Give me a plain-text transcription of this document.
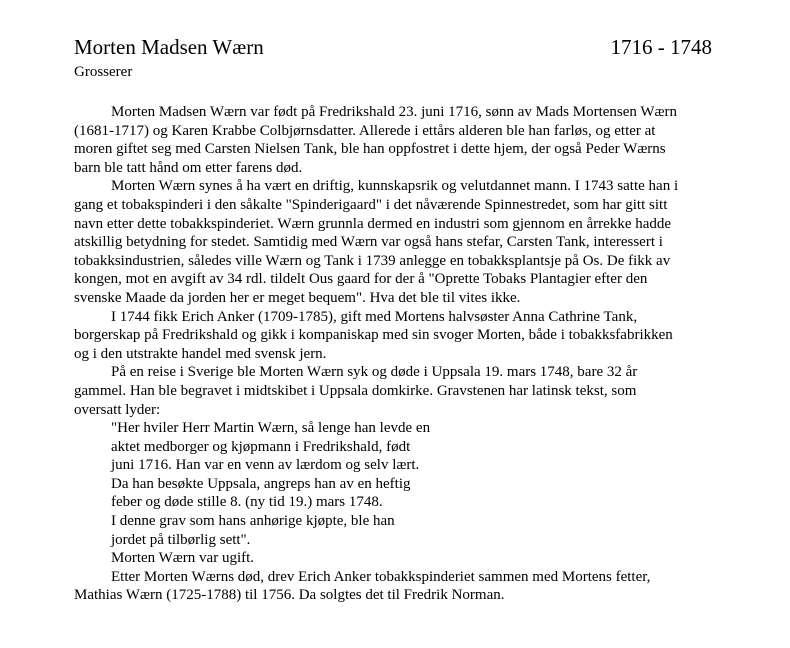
Morten Madsen Wærn	1716 - 1748
Grosserer
Morten Madsen Wærn var født på Fredrikshald 23. juni 1716, sønn av Mads Mortensen Wærn
(1681-1717) og Karen Krabbe Colbjørnsdatter. Allerede i ettårs alderen ble han farløs, og etter at
moren giftet seg med Carsten Nielsen Tank, ble han oppfostret i dette hjem, der også Peder Wærns
barn ble tatt hånd om etter farens død.
Morten Wærn synes å ha vært en driftig, kunnskapsrik og velutdannet mann. I 1743 satte han i
gang et tobakspinderi i den såkalte "Spinderigaard" i det nåværende Spinnestredet, som har gitt sitt
navn etter dette tobakkspinderiet. Wærn grunnla dermed en industri som gjennom en årrekke hadde
atskillig betydning for stedet. Samtidig med Wærn var også hans stefar, Carsten Tank, interessert i
tobakksindustrien, således ville Wærn og Tank i 1739 anlegge en tobakksplantsje på Os. De fikk av
kongen, mot en avgift av 34 rdl. tildelt Ous gaard for der å "Oprette Tobaks Plantagier efter den
svenske Maade da jorden her er meget bequem". Hva det ble til vites ikke.
I 1744 fikk Erich Anker (1709-1785), gift med Mortens halvsøster Anna Cathrine Tank,
borgerskap på Fredrikshald og gikk i kompaniskap med sin svoger Morten, både i tobakksfabrikken
og i den utstrakte handel med svensk jern.
På en reise i Sverige ble Morten Wærn syk og døde i Uppsala 19. mars 1748, bare 32 år
gammel. Han ble begravet i midtskibet i Uppsala domkirke. Gravstenen har latinsk tekst, som
oversatt lyder:
"Her hviler Herr Martin Wærn, så lenge han levde en
aktet medborger og kjøpmann i Fredrikshald, født
juni 1716. Han var en venn av lærdom og selv lært.
Da han besøkte Uppsala, angreps han av en heftig
feber og døde stille 8. (ny tid 19.) mars 1748.
I denne grav som hans anhørige kjøpte, ble han
jordet på tilbørlig sett".
Morten Wærn var ugift.
Etter Morten Wærns død, drev Erich Anker tobakkspinderiet sammen med Mortens fetter,
Mathias Wærn (1725-1788) til 1756. Da solgtes det til Fredrik Norman.
